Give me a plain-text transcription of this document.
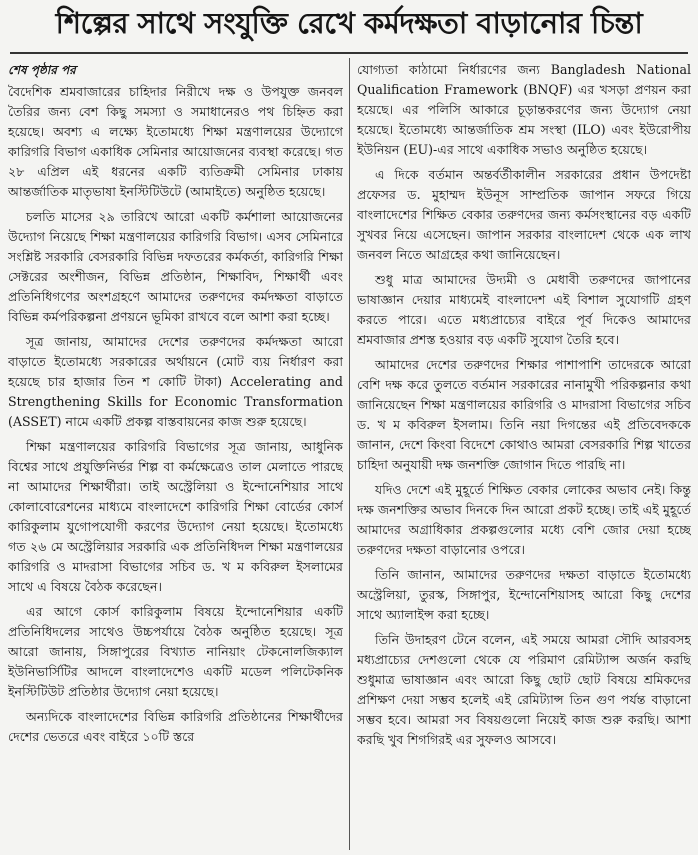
শিল্পের সাথে সংযুক্তি রেখে কর্মদক্ষতা বাড়ানোর চিন্তা
শেষ পৃষ্ঠার পর

বৈদেশিক শ্রমবাজারের চাহিদার নিরীখে দক্ষ ও উপযুক্ত জনবল তৈরির জন্য বেশ কিছু সমস্যা ও সমাধানেরও পথ চিহ্নিত করা হয়েছে। অবশ্য এ লক্ষ্যে ইতোমধ্যে শিক্ষা মন্ত্রণালয়ের উদ্যোগে কারিগরি বিভাগ একাধিক সেমিনার আয়োজনের ব্যবস্থা করেছে। গত ২৮ এপ্রিল এই ধরনের একটি ব্যতিক্রমী সেমিনার ঢাকায় আন্তর্জাতিক মাতৃভাষা ইনস্টিটিউটে (আমাইতে) অনুষ্ঠিত হয়েছে।

চলতি মাসের ২৯ তারিখে আরো একটি কর্মশালা আয়োজনের উদ্যোগ নিয়েছে শিক্ষা মন্ত্রণালয়ের কারিগরি বিভাগ। এসব সেমিনারে সংশ্লিষ্ট সরকারি বেসরকারি বিভিন্ন দফতরের কর্মকর্তা, কারিগরি শিক্ষা সেক্টরের অংশীজন, বিভিন্ন প্রতিষ্ঠান, শিক্ষাবিদ, শিক্ষার্থী এবং প্রতিনিধিগণের অংশগ্রহণে আমাদের তরুণদের কর্মদক্ষতা বাড়াতে বিভিন্ন কর্মপরিকল্পনা প্রণয়নে ভূমিকা রাখবে বলে আশা করা হচ্ছে।

সূত্র জানায়, আমাদের দেশের তরুণদের কর্মদক্ষতা আরো বাড়াতে ইতোমধ্যে সরকারের অর্থায়নে (মোট ব্যয় নির্ধারণ করা হয়েছে চার হাজার তিন শ কোটি টাকা) Accelerating and Strengthening Skills for Economic Transformation (ASSET) নামে একটি প্রকল্প বাস্তবায়নের কাজ শুরু হয়েছে।

শিক্ষা মন্ত্রণালয়ের কারিগরি বিভাগের সূত্র জানায়, আধুনিক বিশ্বের সাথে প্রযুক্তিনির্ভর শিল্প বা কর্মক্ষেত্রেও তাল মেলাতে পারছে না আমাদের শিক্ষার্থীরা। তাই অস্ট্রেলিয়া ও ইন্দোনেশিয়ার সাথে কোলাবোরেশনের মাধ্যমে বাংলাদেশে কারিগরি শিক্ষা বোর্ডের কোর্স কারিকুলাম যুগোপযোগী করণের উদ্যোগ নেয়া হয়েছে। ইতোমধ্যে গত ২৬ মে অস্ট্রেলিয়ার সরকারি এক প্রতিনিধিদল শিক্ষা মন্ত্রণালয়ের কারিগরি ও মাদরাসা বিভাগের সচিব ড. খ ম কবিরুল ইসলামের সাথে এ বিষয়ে বৈঠক করেছেন।

এর আগে কোর্স কারিকুলাম বিষয়ে ইন্দোনেশিয়ার একটি প্রতিনিধিদলের সাথেও উচ্চপর্যায়ে বৈঠক অনুষ্ঠিত হয়েছে। সূত্র আরো জানায়, সিঙ্গাপুরের বিখ্যাত নানিয়াং টেকনোলজিক্যাল ইউনিভার্সিটির আদলে বাংলাদেশেও একটি মডেল পলিটেকনিক ইনস্টিটিউট প্রতিষ্ঠার উদ্যোগ নেয়া হয়েছে।

অন্যদিকে বাংলাদেশের বিভিন্ন কারিগরি প্রতিষ্ঠানের শিক্ষার্থীদের দেশের ভেতরে এবং বাইরে ১০টি স্তরে

যোগ্যতা কাঠামো নির্ধারণের জন্য Bangladesh National Qualification Framework (BNQF) এর খসড়া প্রণয়ন করা হয়েছে। এর পলিসি আকারে চূড়ান্তকরণের জন্য উদ্যোগ নেয়া হয়েছে। ইতোমধ্যে আন্তর্জাতিক শ্রম সংস্থা (ILO) এবং ইউরোপীয় ইউনিয়ন (EU)-এর সাথে একাধিক সভাও অনুষ্ঠিত হয়েছে।

এ দিকে বর্তমান অন্তর্বর্তীকালীন সরকারের প্রধান উপদেষ্টা প্রফেসর ড. মুহাম্মদ ইউনূস সাম্প্রতিক জাপান সফরে গিয়ে বাংলাদেশের শিক্ষিত বেকার তরুণদের জন্য কর্মসংস্থানের বড় একটি সুখবর নিয়ে এসেছেন। জাপান সরকার বাংলাদেশ থেকে এক লাখ জনবল নিতে আগ্রহের কথা জানিয়েছেন।

শুধু মাত্র আমাদের উদ্যমী ও মেধাবী তরুণদের জাপানের ভাষাজ্ঞান দেয়ার মাধ্যমেই বাংলাদেশ এই বিশাল সুযোগটি গ্রহণ করতে পারে। এতে মধ্যপ্রাচ্যের বাইরে পূর্ব দিকেও আমাদের শ্রমবাজার প্রশস্ত হওয়ার বড় একটি সুযোগ তৈরি হবে।

আমাদের দেশের তরুণদের শিক্ষার পাশাপাশি তাদেরকে আরো বেশি দক্ষ করে তুলতে বর্তমান সরকারের নানামুখী পরিকল্পনার কথা জানিয়েছেন শিক্ষা মন্ত্রণালয়ের কারিগরি ও মাদরাসা বিভাগের সচিব ড. খ ম কবিরুল ইসলাম। তিনি নয়া দিগন্তের এই প্রতিবেদককে জানান, দেশে কিংবা বিদেশে কোথাও আমরা বেসরকারি শিল্প খাতের চাহিদা অনুযায়ী দক্ষ জনশক্তি জোগান দিতে পারছি না।

যদিও দেশে এই মুহূর্তে শিক্ষিত বেকার লোকের অভাব নেই। কিন্তু দক্ষ জনশক্তির অভাব দিনকে দিন আরো প্রকট হচ্ছে। তাই এই মুহূর্তে আমাদের অগ্রাধিকার প্রকল্পগুলোর মধ্যে বেশি জোর দেয়া হচ্ছে তরুণদের দক্ষতা বাড়ানোর ওপরে।

তিনি জানান, আমাদের তরুণদের দক্ষতা বাড়াতে ইতোমধ্যে অস্ট্রেলিয়া, তুরস্ক, সিঙ্গাপুর, ইন্দোনেশিয়াসহ আরো কিছু দেশের সাথে অ্যালাইন্স করা হচ্ছে।

তিনি উদাহরণ টেনে বলেন, এই সময়ে আমরা সৌদি আরবসহ মধ্যপ্রাচ্যের দেশগুলো থেকে যে পরিমাণ রেমিট্যান্স অর্জন করছি শুধুমাত্র ভাষাজ্ঞান এবং আরো কিছু ছোট ছোট বিষয়ে শ্রমিকদের প্রশিক্ষণ দেয়া সম্ভব হলেই এই রেমিট্যান্স তিন গুণ পর্যন্ত বাড়ানো সম্ভব হবে। আমরা সব বিষয়গুলো নিয়েই কাজ শুরু করছি। আশা করছি খুব শিগগিরই এর সুফলও আসবে।
